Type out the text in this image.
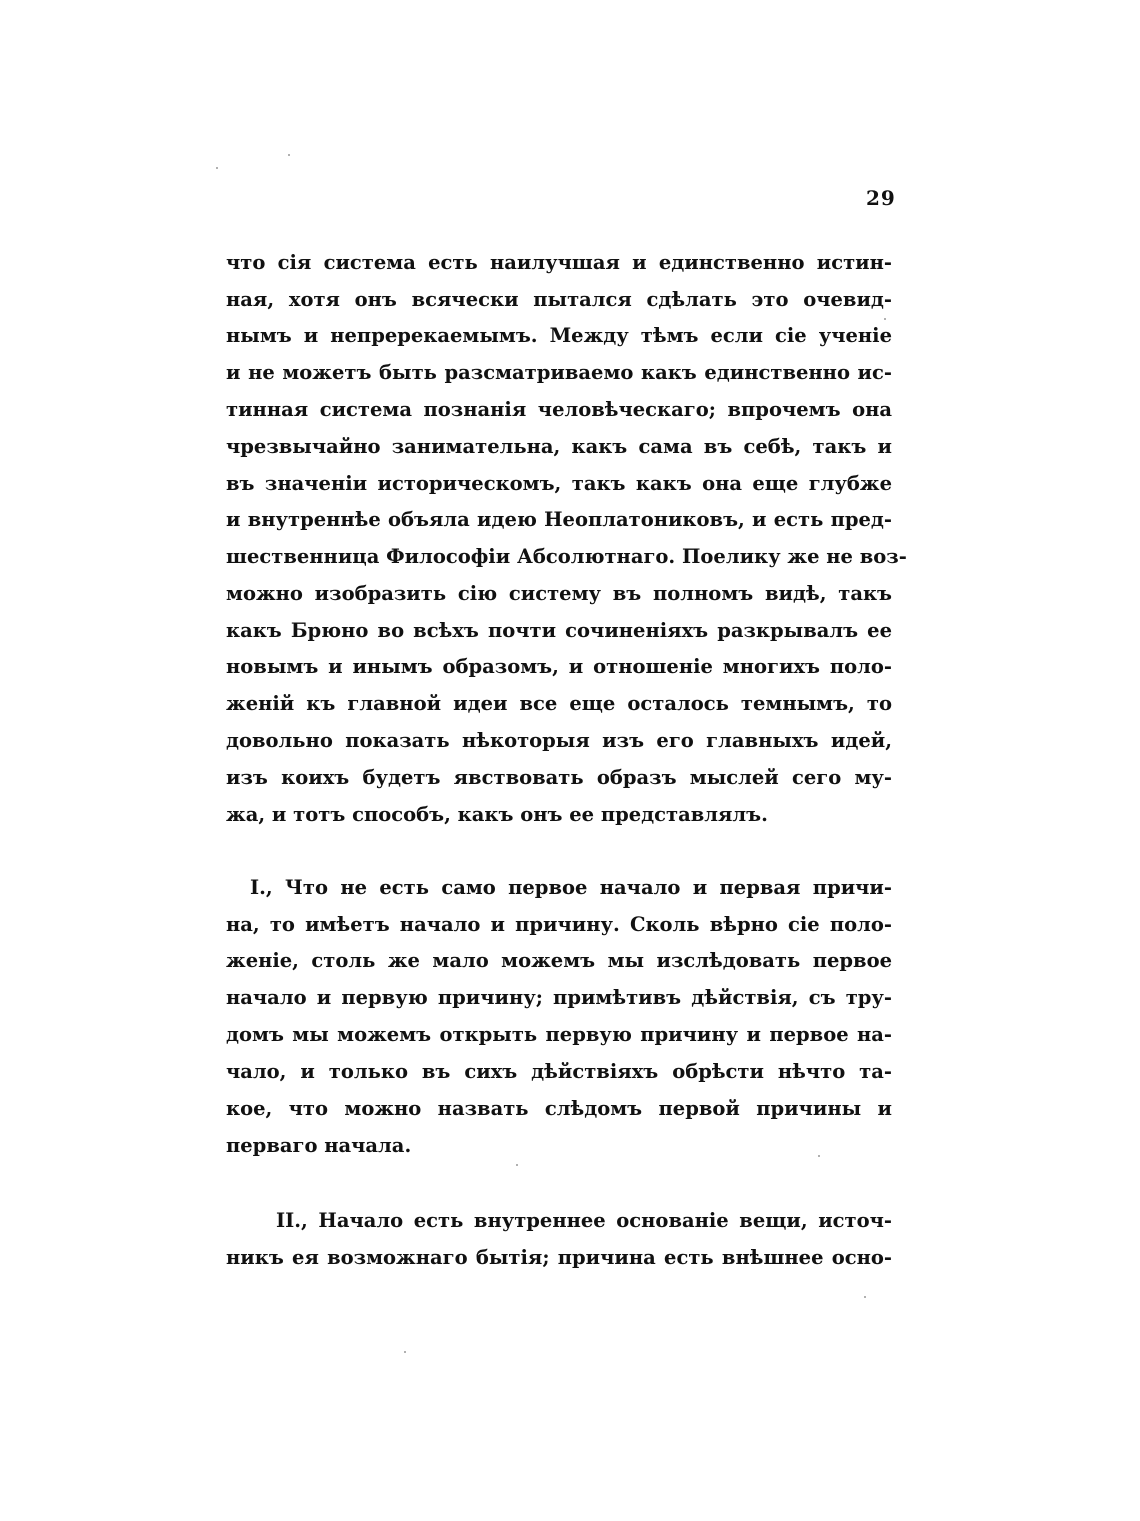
29
что сія система есть наилучшая и единственно истин-
ная, хотя онъ всячески пытался сдѣлать это очевид-
нымъ и непререкаемымъ. Между тѣмъ если сіе ученіе
и не можетъ быть разсматриваемо какъ единственно ис-
тинная система познанія человѣческаго; впрочемъ она
чрезвычайно занимательна, какъ сама въ себѣ, такъ и
въ значеніи историческомъ, такъ какъ она еще глубже
и внутреннѣе объяла идею Неоплатониковъ, и есть пред-
шественница Философіи Абсолютнаго. Поелику же не воз-
можно изобразить сію систему въ полномъ видѣ, такъ
какъ Брюно во всѣхъ почти сочиненіяхъ разкрывалъ ее
новымъ и инымъ образомъ, и отношеніе многихъ поло-
женій къ главной идеи все еще осталось темнымъ, то
довольно показать нѣкоторыя изъ его главныхъ идей,
изъ коихъ будетъ явствовать образъ мыслей сего му-
жа, и тотъ способъ, какъ онъ ее представлялъ.
I., Что не есть само первое начало и первая причи-
на, то имѣетъ начало и причину. Сколь вѣрно сіе поло-
женіе, столь же мало можемъ мы изслѣдовать первое
начало и первую причину; примѣтивъ дѣйствія, съ тру-
домъ мы можемъ открыть первую причину и первое на-
чало, и только въ сихъ дѣйствіяхъ обрѣсти нѣчто та-
кое, что можно назвать слѣдомъ первой причины и
перваго начала.
II., Начало есть внутреннее основаніе вещи, источ-
никъ ея возможнаго бытія; причина есть внѣшнее осно-
